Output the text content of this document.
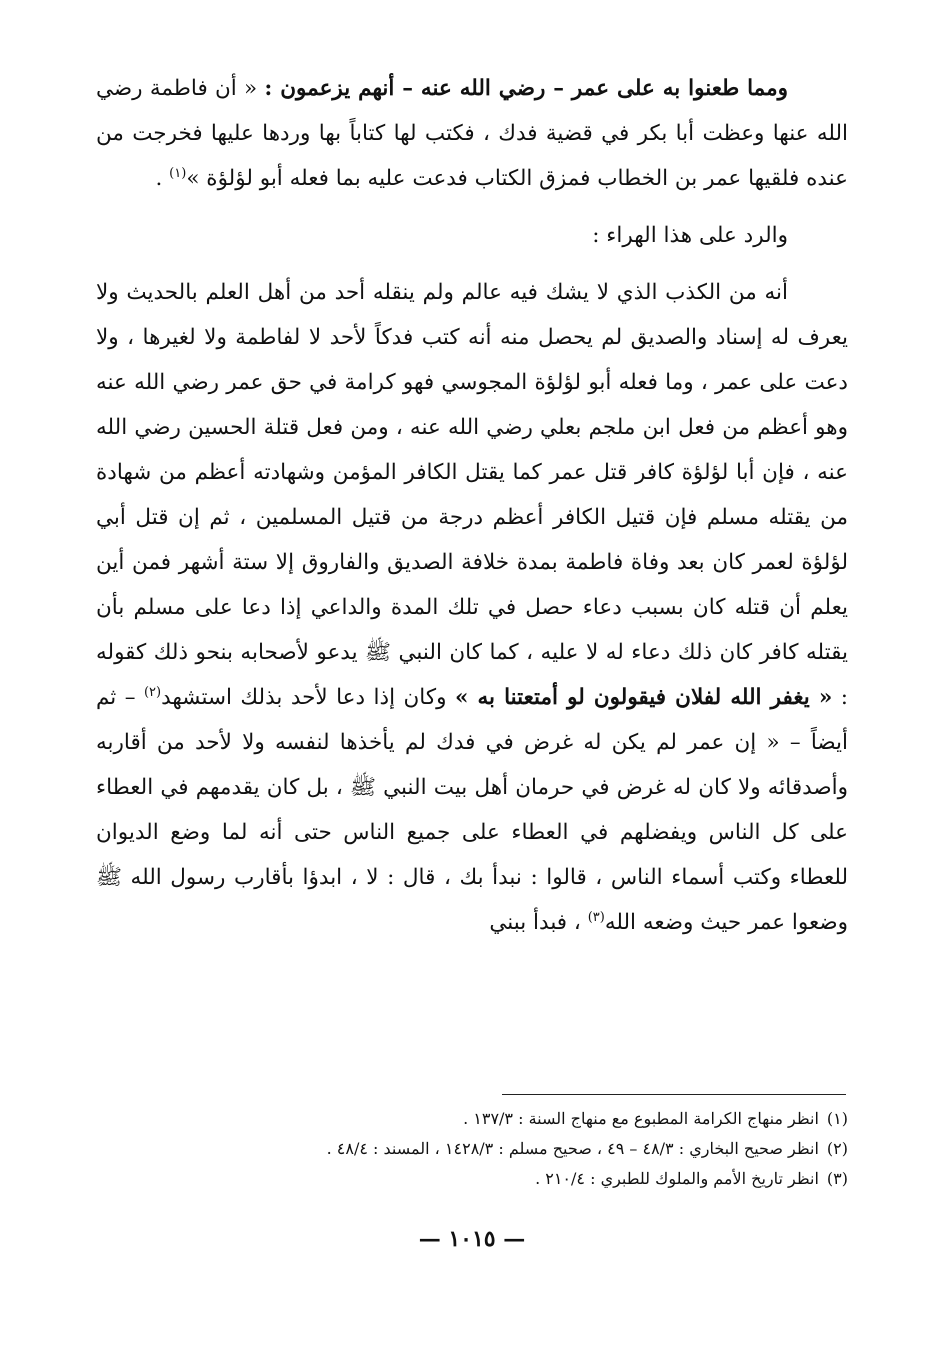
ومما طعنوا به على عمر – رضي الله عنه – أنهم يزعمون : « أن فاطمة رضي الله عنها وعظت أبا بكر في قضية فدك ، فكتب لها كتاباً بها وردها عليها فخرجت من عنده فلقيها عمر بن الخطاب فمزق الكتاب فدعت عليه بما فعله أبو لؤلؤة »$^{(١)}$ .

والرد على هذا الهراء :

أنه من الكذب الذي لا يشك فيه عالم ولم ينقله أحد من أهل العلم بالحديث ولا يعرف له إسناد والصديق لم يحصل منه أنه كتب فدكاً لأحد لا لفاطمة ولا لغيرها ، ولا دعت على عمر ، وما فعله أبو لؤلؤة المجوسي فهو كرامة في حق عمر رضي الله عنه وهو أعظم من فعل ابن ملجم بعلي رضي الله عنه ، ومن فعل قتلة الحسين رضي الله عنه ، فإن أبا لؤلؤة كافر قتل عمر كما يقتل الكافر المؤمن وشهادته أعظم من شهادة من يقتله مسلم فإن قتيل الكافر أعظم درجة من قتيل المسلمين ، ثم إن قتل أبي لؤلؤة لعمر كان بعد وفاة فاطمة بمدة خلافة الصديق والفاروق إلا ستة أشهر فمن أين يعلم أن قتله كان بسبب دعاء حصل في تلك المدة والداعي إذا دعا على مسلم بأن يقتله كافر كان ذلك دعاء له لا عليه ، كما كان النبي ﷺ يدعو لأصحابه بنحو ذلك كقوله : « يغفر الله لفلان فيقولون لو أمتعتنا به » وكان إذا دعا لأحد بذلك استشهد$^{(٢)}$ – ثم أيضاً – « إن عمر لم يكن له غرض في فدك لم يأخذها لنفسه ولا لأحد من أقاربه وأصدقائه ولا كان له غرض في حرمان أهل بيت النبي ﷺ ، بل كان يقدمهم في العطاء على كل الناس ويفضلهم في العطاء على جميع الناس حتى أنه لما وضع الديوان للعطاء وكتب أسماء الناس ، قالوا : نبدأ بك ، قال : لا ، ابدؤا بأقارب رسول الله ﷺ وضعوا عمر حيث وضعه الله$^{(٣)}$ ، فبدأ ببني

(١)انظر منهاج الكرامة المطبوع مع منهاج السنة : ١٣٧/٣ .

(٢)انظر صحيح البخاري : ٤٨/٣ – ٤٩ ، صحيح مسلم : ١٤٢٨/٣ ، المسند : ٤٨/٤ .

(٣)انظر تاريخ الأمم والملوك للطبري : ٢١٠/٤ .

— ١٠١٥ —
